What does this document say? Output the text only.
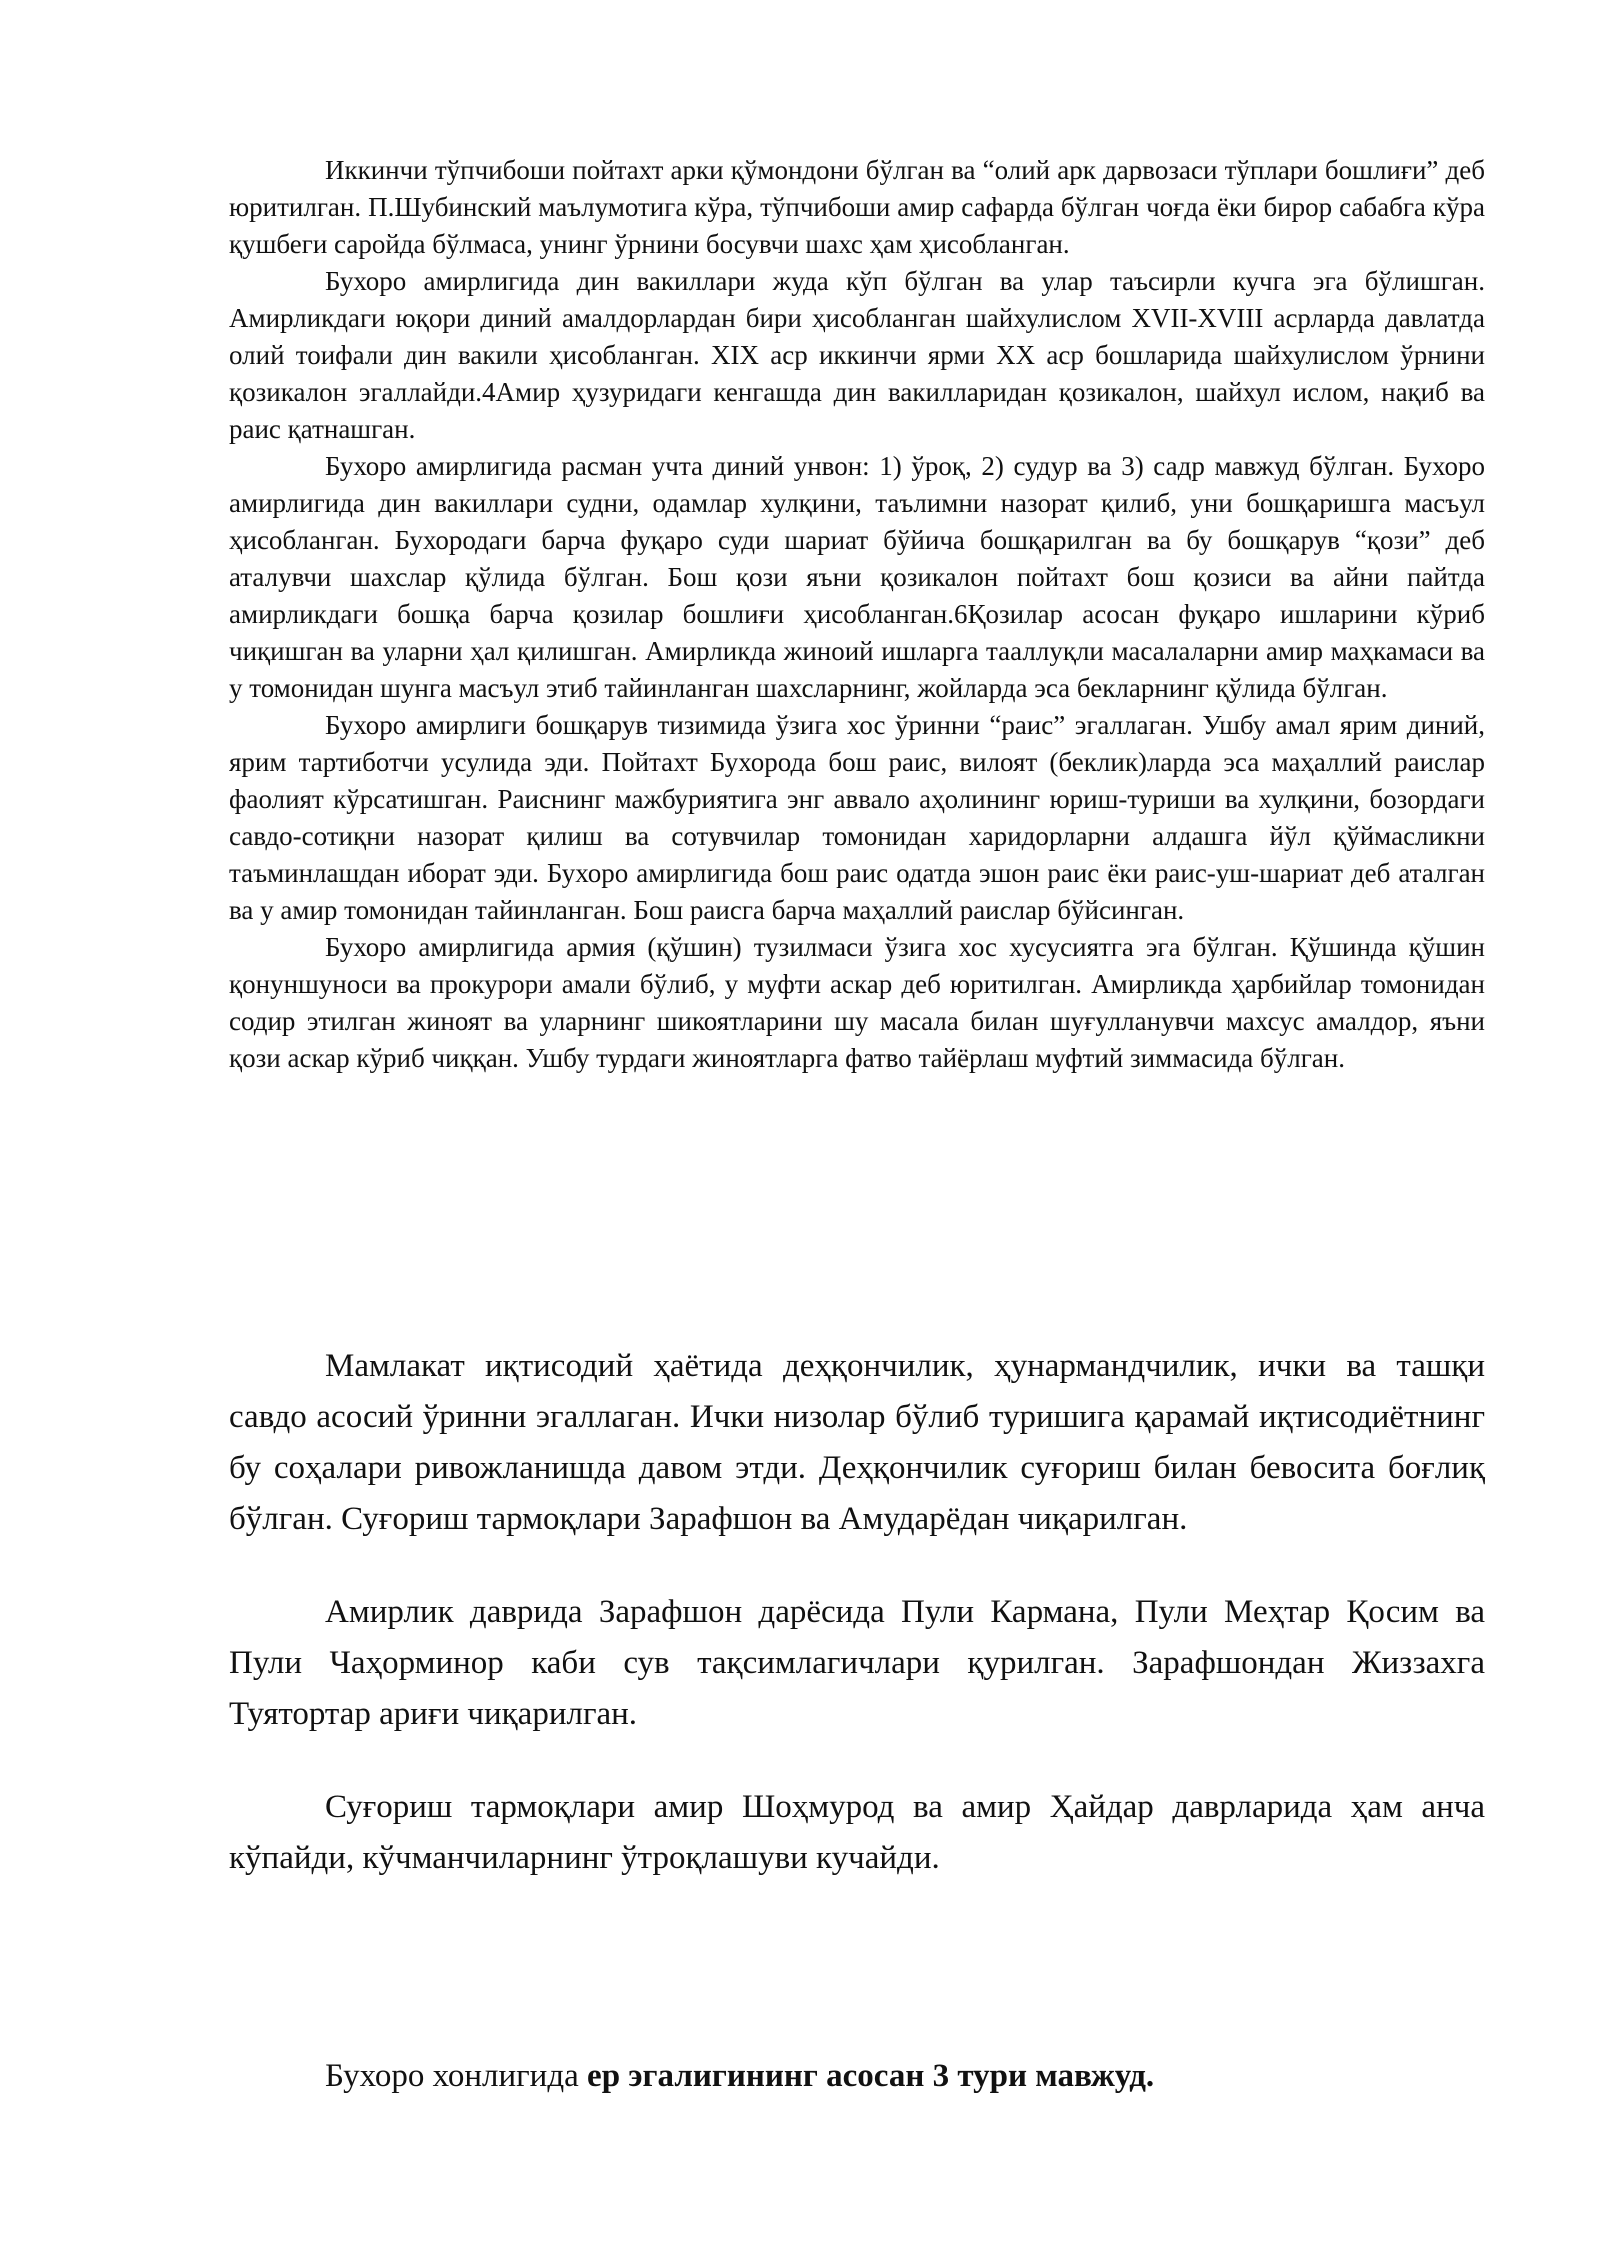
Иккинчи тўпчибоши пойтахт арки қўмондони бўлган ва “олий арк дарвозаси тўплари бошлиғи” деб юритилган. П.Шубинский маълумотига кўра, тўпчибоши амир сафарда бўлган чоғда ёки бирор сабабга кўра қушбеги саройда бўлмаса, унинг ўрнини босувчи шахс ҳам ҳисобланган.

Бухоро амирлигида дин вакиллари жуда кўп бўлган ва улар таъсирли кучга эга бўлишган. Амирликдаги юқори диний амалдорлардан бири ҳисобланган шайхулислом XVII-XVIII асрларда давлатда олий тоифали дин вакили ҳисобланган. XIX аср иккинчи ярми XX аср бошларида шайхулислом ўрнини қозикалон эгаллайди.4Амир ҳузуридаги кенгашда дин вакилларидан қозикалон, шайхул ислом, нақиб ва раис қатнашган.

Бухоро амирлигида расман учта диний унвон: 1) ўроқ, 2) судур ва 3) садр мавжуд бўлган. Бухоро амирлигида дин вакиллари судни, одамлар хулқини, таълимни назорат қилиб, уни бошқаришга масъул ҳисобланган. Бухородаги барча фуқаро суди шариат бўйича бошқарилган ва бу бошқарув “қози” деб аталувчи шахслар қўлида бўлган. Бош қози яъни қозикалон пойтахт бош қозиси ва айни пайтда амирликдаги бошқа барча қозилар бошлиғи ҳисобланган.6Қозилар асосан фуқаро ишларини кўриб чиқишган ва уларни ҳал қилишган. Амирликда жиноий ишларга тааллуқли масалаларни амир маҳкамаси ва у томонидан шунга масъул этиб тайинланган шахсларнинг, жойларда эса бекларнинг қўлида бўлган.

Бухоро амирлиги бошқарув тизимида ўзига хос ўринни “раис” эгаллаган. Ушбу амал ярим диний, ярим тартиботчи усулида эди. Пойтахт Бухорода бош раис, вилоят (беклик)ларда эса маҳаллий раислар фаолият кўрсатишган. Раиснинг мажбуриятига энг аввало аҳолининг юриш-туриши ва хулқини, бозордаги савдо-сотиқни назорат қилиш ва сотувчилар томонидан харидорларни алдашга йўл қўймасликни таъминлашдан иборат эди. Бухоро амирлигида бош раис одатда эшон раис ёки раис-уш-шариат деб аталган ва у амир томонидан тайинланган. Бош раисга барча маҳаллий раислар бўйсинган.

Бухоро амирлигида армия (қўшин) тузилмаси ўзига хос хусусиятга эга бўлган. Қўшинда қўшин қонуншуноси ва прокурори амали бўлиб, у муфти аскар деб юритилган. Амирликда ҳарбийлар томонидан содир этилган жиноят ва уларнинг шикоятларини шу масала билан шуғулланувчи махсус амалдор, яъни қози аскар кўриб чиққан. Ушбу турдаги жиноятларга фатво тайёрлаш муфтий зиммасида бўлган.

Мамлакат иқтисодий ҳаётида деҳқончилик, ҳунармандчилик, ички ва ташқи савдо асосий ўринни эгаллаган. Ички низолар бўлиб туришига қарамай иқтисодиётнинг бу соҳалари ривожланишда давом этди. Деҳқончилик суғориш билан бевосита боғлиқ бўлган. Суғориш тармоқлари Зарафшон ва Амударёдан чиқарилган.

Амирлик даврида Зарафшон дарёсида Пули Кармана, Пули Меҳтар Қосим ва Пули Чаҳорминор каби сув тақсимлагичлари қурилган. Зарафшондан Жиззахга Туятортар ариғи чиқарилган.

Суғориш тармоқлари амир Шоҳмурод ва амир Ҳайдар даврларида ҳам анча кўпайди, кўчманчиларнинг ўтроқлашуви кучайди.

Бухоро хонлигида ер эгалигининг асосан 3 тури мавжуд.
